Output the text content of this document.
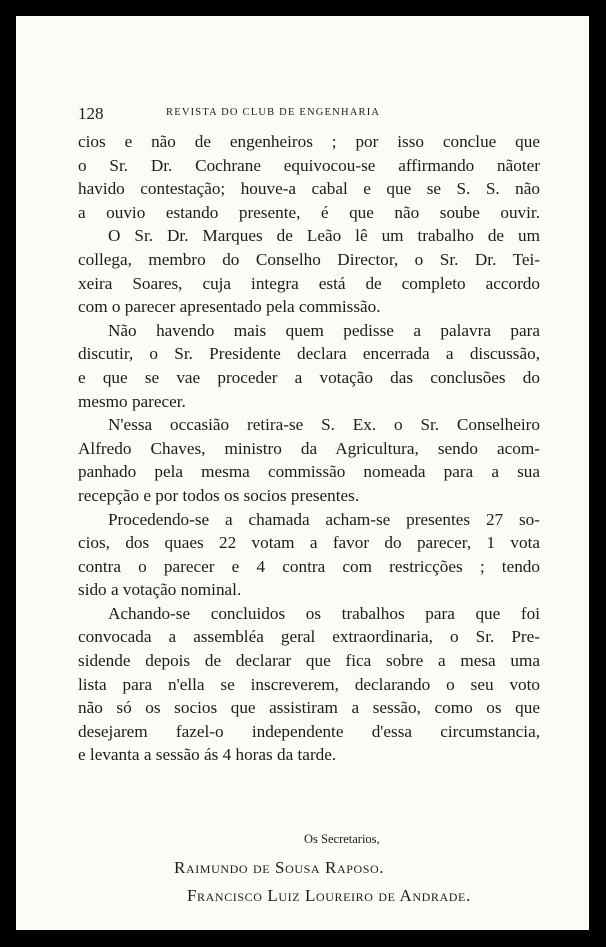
128	REVISTA DO CLUB DE ENGENHARIA

cios e não de engenheiros ; por isso conclue que
o Sr. Dr. Cochrane equivocou-se affirmando nãoter
havido contestação; houve-a cabal e que se S. S. não
a ouvio estando presente, é que não soube ouvir.

O Sr. Dr. Marques de Leão lê um trabalho de um
collega, membro do Conselho Director, o Sr. Dr. Tei-
xeira Soares, cuja integra está de completo accordo
com o parecer apresentado pela commissão.

Não havendo mais quem pedisse a palavra para
discutir, o Sr. Presidente declara encerrada a discussão,
e que se vae proceder a votação das conclusões do
mesmo parecer.

N'essa occasião retira-se S. Ex. o Sr. Conselheiro
Alfredo Chaves, ministro da Agricultura, sendo acom-
panhado pela mesma commissão nomeada para a sua
recepção e por todos os socios presentes.

Procedendo-se a chamada acham-se presentes 27 so-
cios, dos quaes 22 votam a favor do parecer, 1 vota
contra o parecer e 4 contra com restricções ; tendo
sido a votação nominal.

Achando-se concluidos os trabalhos para que foi
convocada a assembléa geral extraordinaria, o Sr. Pre-
sidende depois de declarar que fica sobre a mesa uma
lista para n'ella se inscreverem, declarando o seu voto
não só os socios que assistiram a sessão, como os que
desejarem fazel-o independente d'essa circumstancia,
e levanta a sessão ás 4 horas da tarde.

Os Secretarios,
Raimundo de Sousa Raposo.
Francisco Luiz Loureiro de Andrade.
